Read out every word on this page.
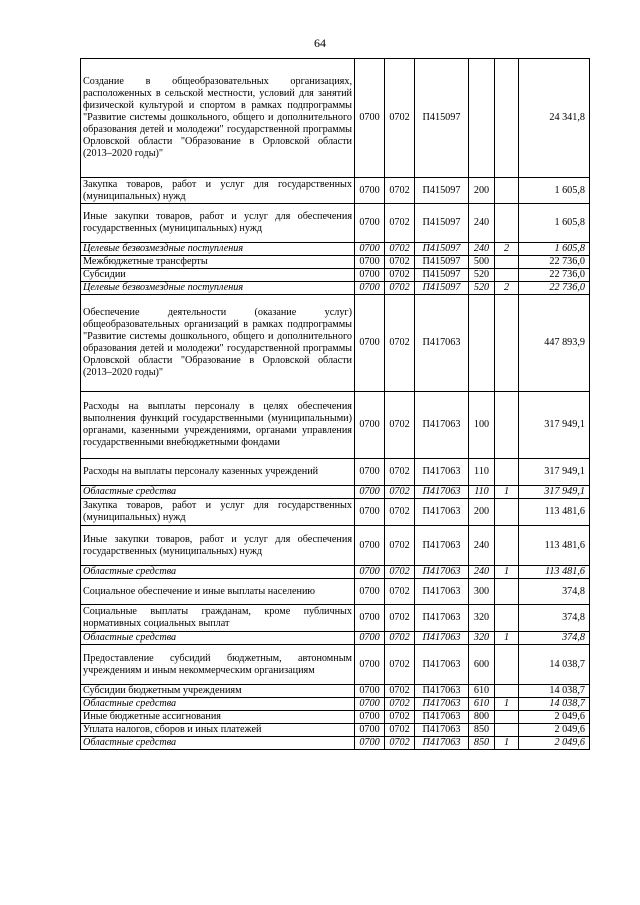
64
Создание в общеобразовательных организациях, расположенных в сельской местности, условий для занятий физической культурой и спортом в рамках подпрограммы "Развитие системы дошкольного, общего и дополнительного образования детей и молодежи" государственной программы Орловской области "Образование в Орловской области (2013–2020 годы)"	0700	0702	П415097			24 341,8
Закупка товаров, работ и услуг для государственных (муниципальных) нужд	0700	0702	П415097	200		1 605,8
Иные закупки товаров, работ и услуг для обеспечения государственных (муниципальных) нужд	0700	0702	П415097	240		1 605,8
Целевые безвозмездные поступления	0700	0702	П415097	240	2	1 605,8
Межбюджетные трансферты	0700	0702	П415097	500		22 736,0
Субсидии	0700	0702	П415097	520		22 736,0
Целевые безвозмездные поступления	0700	0702	П415097	520	2	22 736,0
Обеспечение деятельности (оказание услуг) общеобразовательных организаций в рамках подпрограммы "Развитие системы дошкольного, общего и дополнительного образования детей и молодежи" государственной программы Орловской области "Образование в Орловской области (2013–2020 годы)"	0700	0702	П417063			447 893,9
Расходы на выплаты персоналу в целях обеспечения выполнения функций государственными (муниципальными) органами, казенными учреждениями, органами управления государственными внебюджетными фондами	0700	0702	П417063	100		317 949,1
Расходы на выплаты персоналу казенных учреждений	0700	0702	П417063	110		317 949,1
Областные средства	0700	0702	П417063	110	1	317 949,1
Закупка товаров, работ и услуг для государственных (муниципальных) нужд	0700	0702	П417063	200		113 481,6
Иные закупки товаров, работ и услуг для обеспечения государственных (муниципальных) нужд	0700	0702	П417063	240		113 481,6
Областные средства	0700	0702	П417063	240	1	113 481,6
Социальное обеспечение и иные выплаты населению	0700	0702	П417063	300		374,8
Социальные выплаты гражданам, кроме публичных нормативных социальных выплат	0700	0702	П417063	320		374,8
Областные средства	0700	0702	П417063	320	1	374,8
Предоставление субсидий бюджетным, автономным учреждениям и иным некоммерческим организациям	0700	0702	П417063	600		14 038,7
Субсидии бюджетным учреждениям	0700	0702	П417063	610		14 038,7
Областные средства	0700	0702	П417063	610	1	14 038,7
Иные бюджетные ассигнования	0700	0702	П417063	800		2 049,6
Уплата налогов, сборов и иных платежей	0700	0702	П417063	850		2 049,6
Областные средства	0700	0702	П417063	850	1	2 049,6
